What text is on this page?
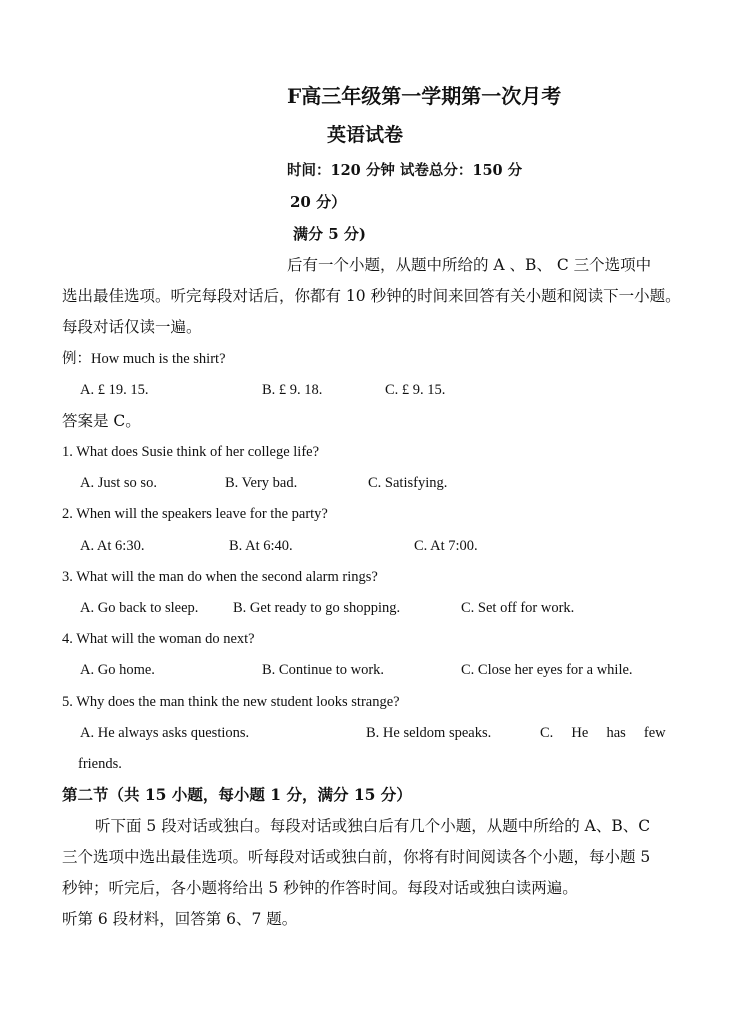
F高三年级第一学期第一次月考
英语试卷
时间：120 分钟 试卷总分：150 分
20 分）
满分 5 分)
后有一个小题，从题中所给的 A 、B、 C 三个选项中
选出最佳选项。听完每段对话后，你都有 10 秒钟的时间来回答有关小题和阅读下一小题。
每段对话仅读一遍。
例：How much is the shirt?
A. £ 19. 15.	B. £ 9. 18.	C. £ 9. 15.
答案是 C。
1. What does Susie think of her college life?
A. Just so so.	B. Very bad.	C. Satisfying.
2. When will the speakers leave for the party?
A. At 6:30.	B. At 6:40.	C. At 7:00.
3. What will the man do when the second alarm rings?
A. Go back to sleep. B. Get ready to go shopping.	C. Set off for work.
4. What will the woman do next?
A. Go home.	B. Continue to work.	C. Close her eyes for a while.
5. Why does the man think the new student looks strange?
A. He always asks questions.	B. He seldom speaks.	C.     He     has     few
friends.
第二节（共 15 小题，每小题 1 分，满分 15 分）
听下面 5 段对话或独白。每段对话或独白后有几个小题，从题中所给的 A、B、C
三个选项中选出最佳选项。听每段对话或独白前，你将有时间阅读各个小题，每小题 5
秒钟；听完后，各小题将给出 5 秒钟的作答时间。每段对话或独白读两遍。
听第 6 段材料，回答第 6、7 题。
